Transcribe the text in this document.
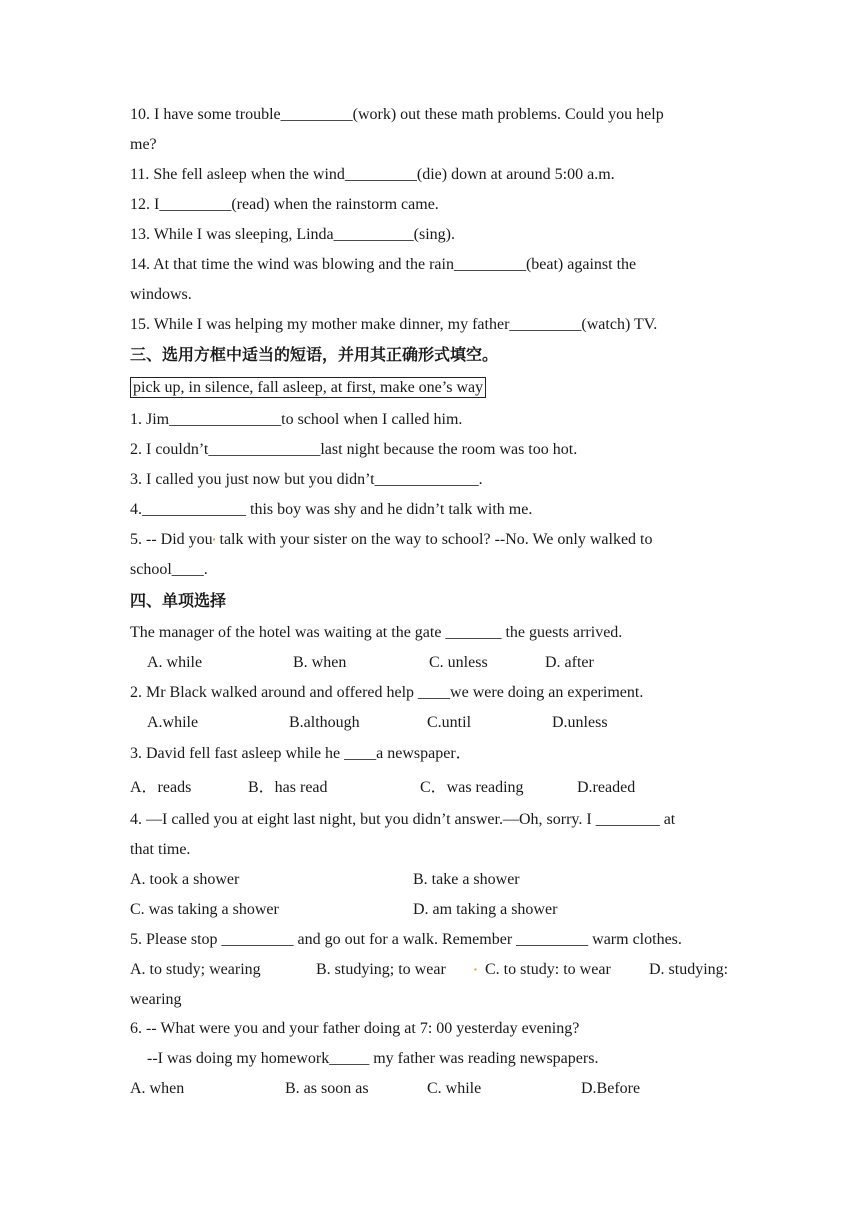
10. I have some trouble_________(work) out these math problems. Could you help
me?
11. She fell asleep when the wind_________(die) down at around 5:00 a.m.
12. I_________(read) when the rainstorm came.
13. While I was sleeping, Linda__________(sing).
14. At that time the wind was blowing and the rain_________(beat) against the
windows.
15. While I was helping my mother make dinner, my father_________(watch) TV.
三、选用方框中适当的短语，并用其正确形式填空。
pick up, in silence, fall asleep, at first, make one’s way
1. Jim______________to school when I called him.
2. I couldn’t______________last night because the room was too hot.
3. I called you just now but you didn’t_____________.
4._____________ this boy was shy and he didn’t talk with me.
5. -- Did you▪ talk with your sister on the way to school? --No. We only walked to
school____.
四、单项选择
The manager of the hotel was waiting at the gate _______ the guests arrived.
A. while	B. when	C. unless	D. after
2. Mr Black walked around and offered help ____we were doing an experiment.
A.while	B.although	C.until	D.unless
3. David fell fast asleep while he ____a newspaper．
A．reads	B．has read	C．was reading	D.readed
4. —I called you at eight last night, but you didn’t answer.—Oh, sorry. I ________ at
that time.
A. took a shower	B. take a shower
C. was taking a shower	D. am taking a shower
5. Please stop _________ and go out for a walk. Remember _________ warm clothes.
A. to study; wearing	B. studying; to wear	▪ C. to study: to wear D. studying:
wearing
6. -- What were you and your father doing at 7: 00 yesterday evening?
--I was doing my homework_____ my father was reading newspapers.
A. when	B. as soon as	C. while	D.Before
